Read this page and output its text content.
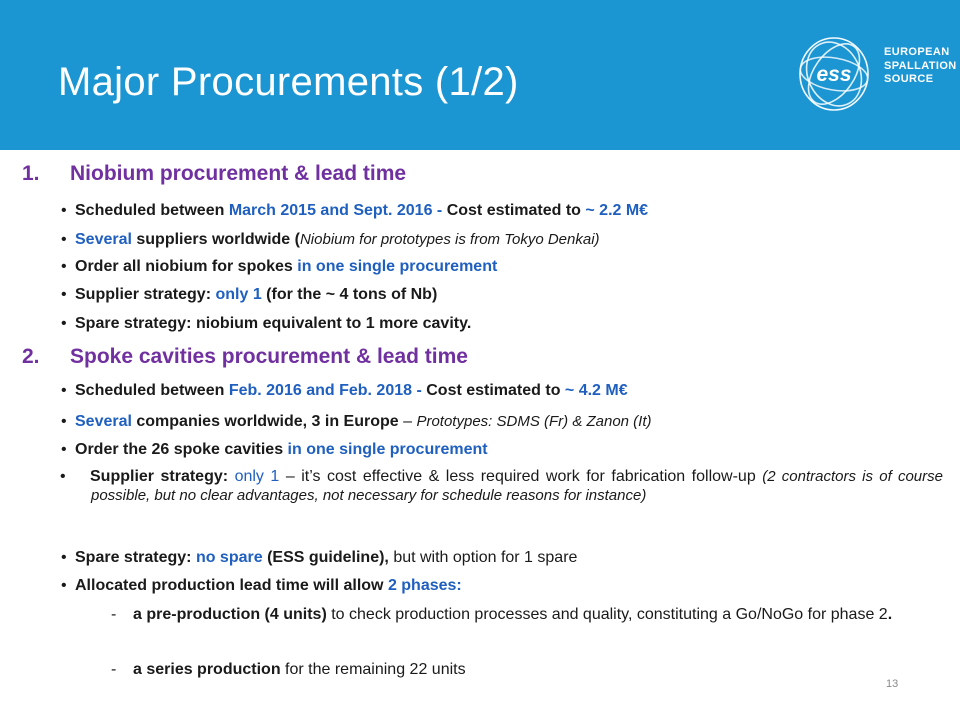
Major Procurements (1/2)	ess
EUROPEAN
SPALLATION
SOURCE
1. Niobium procurement & lead time
• Scheduled between March 2015 and Sept. 2016 - Cost estimated to ~ 2.2 M€
• Several suppliers worldwide (Niobium for prototypes is from Tokyo Denkai)
• Order all niobium for spokes in one single procurement
• Supplier strategy: only 1 (for the ~ 4 tons of Nb)
• Spare strategy: niobium equivalent to 1 more cavity.
2. Spoke cavities procurement & lead time
• Scheduled between Feb. 2016 and Feb. 2018 - Cost estimated to ~ 4.2 M€
• Several companies worldwide, 3 in Europe – Prototypes: SDMS (Fr) & Zanon (It)
• Order the 26 spoke cavities in one single procurement
• Supplier strategy: only 1 – it’s cost effective & less required work for fabrication follow-up (2 contractors is of course possible, but no clear advantages, not necessary for schedule reasons for instance)
• Spare strategy: no spare (ESS guideline), but with option for 1 spare
• Allocated production lead time will allow 2 phases:
- a pre-production (4 units) to check production processes and quality, constituting a Go/NoGo for phase 2.
- a series production for the remaining 22 units
13
